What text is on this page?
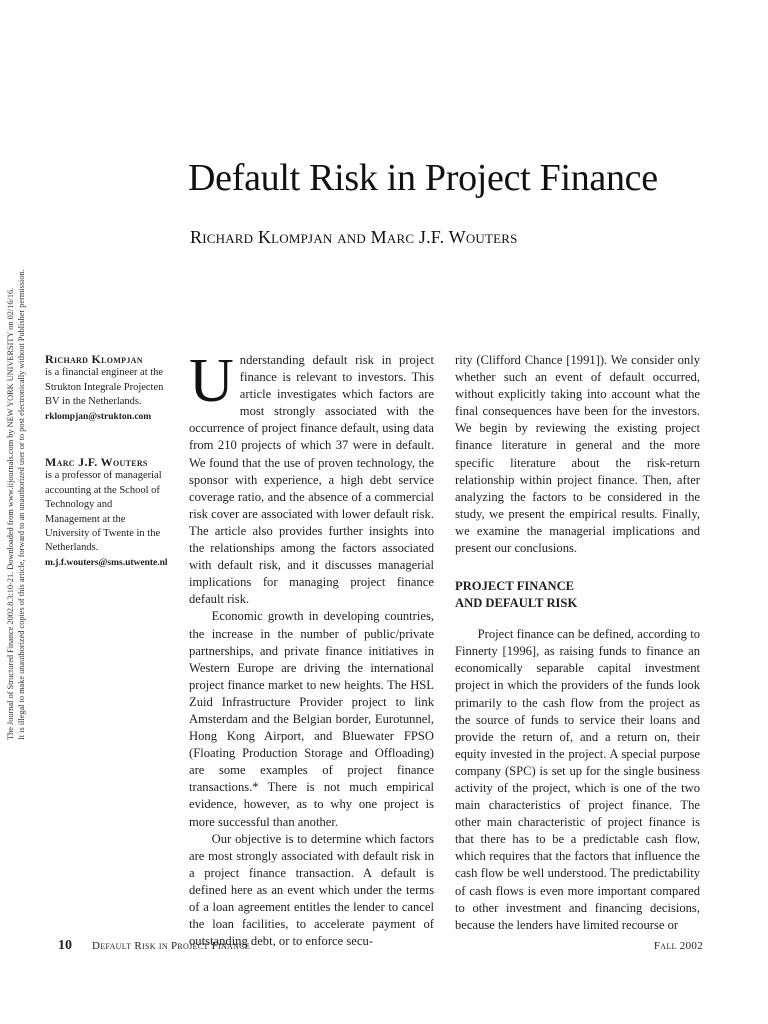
The Journal of Structured Finance 2002.8.3:10-21. Downloaded from www.iijournals.com by NEW YORK UNIVERSITY on 02/16/16. It is illegal to make unauthorized copies of this article, forward to an unauthorized user or to post electronically without Publisher permission.
Default Risk in Project Finance
Richard Klompjan and Marc J.F. Wouters
Richard Klompjan
is a financial engineer at the Strukton Integrale Projecten BV in the Netherlands.
rklompjan@strukton.com
Marc J.F. Wouters
is a professor of managerial accounting at the School of Technology and Management at the University of Twente in the Netherlands.
m.j.f.wouters@sms.utwente.nl

Understanding default risk in project finance is relevant to investors. This article investigates which factors are most strongly associated with the occurrence of project finance default, using data from 210 projects of which 37 were in default. We found that the use of proven technology, the sponsor with experience, a high debt service coverage ratio, and the absence of a commercial risk cover are associated with lower default risk. The article also provides further insights into the relationships among the factors associated with default risk, and it discusses managerial implications for managing project finance default risk.

Economic growth in developing countries, the increase in the number of public/private partnerships, and private finance initiatives in Western Europe are driving the international project finance market to new heights. The HSL Zuid Infrastructure Provider project to link Amsterdam and the Belgian border, Eurotunnel, Hong Kong Airport, and Bluewater FPSO (Floating Production Storage and Offloading) are some examples of project finance transactions.* There is not much empirical evidence, however, as to why one project is more successful than another.

Our objective is to determine which factors are most strongly associated with default risk in a project finance transaction. A default is defined here as an event which under the terms of a loan agreement entitles the lender to cancel the loan facilities, to accelerate payment of outstanding debt, or to enforce secu-

rity (Clifford Chance [1991]). We consider only whether such an event of default occurred, without explicitly taking into account what the final consequences have been for the investors. We begin by reviewing the existing project finance literature in general and the more specific literature about the risk-return relationship within project finance. Then, after analyzing the factors to be considered in the study, we present the empirical results. Finally, we examine the managerial implications and present our conclusions.

PROJECT FINANCE
AND DEFAULT RISK

Project finance can be defined, according to Finnerty [1996], as raising funds to finance an economically separable capital investment project in which the providers of the funds look primarily to the cash flow from the project as the source of funds to service their loans and provide the return of, and a return on, their equity invested in the project. A special purpose company (SPC) is set up for the single business activity of the project, which is one of the two main characteristics of project finance. The other main characteristic of project finance is that there has to be a predictable cash flow, which requires that the factors that influence the cash flow be well understood. The predictability of cash flows is even more important compared to other investment and financing decisions, because the lenders have limited recourse or

10 Default Risk in Project Finance	Fall 2002
